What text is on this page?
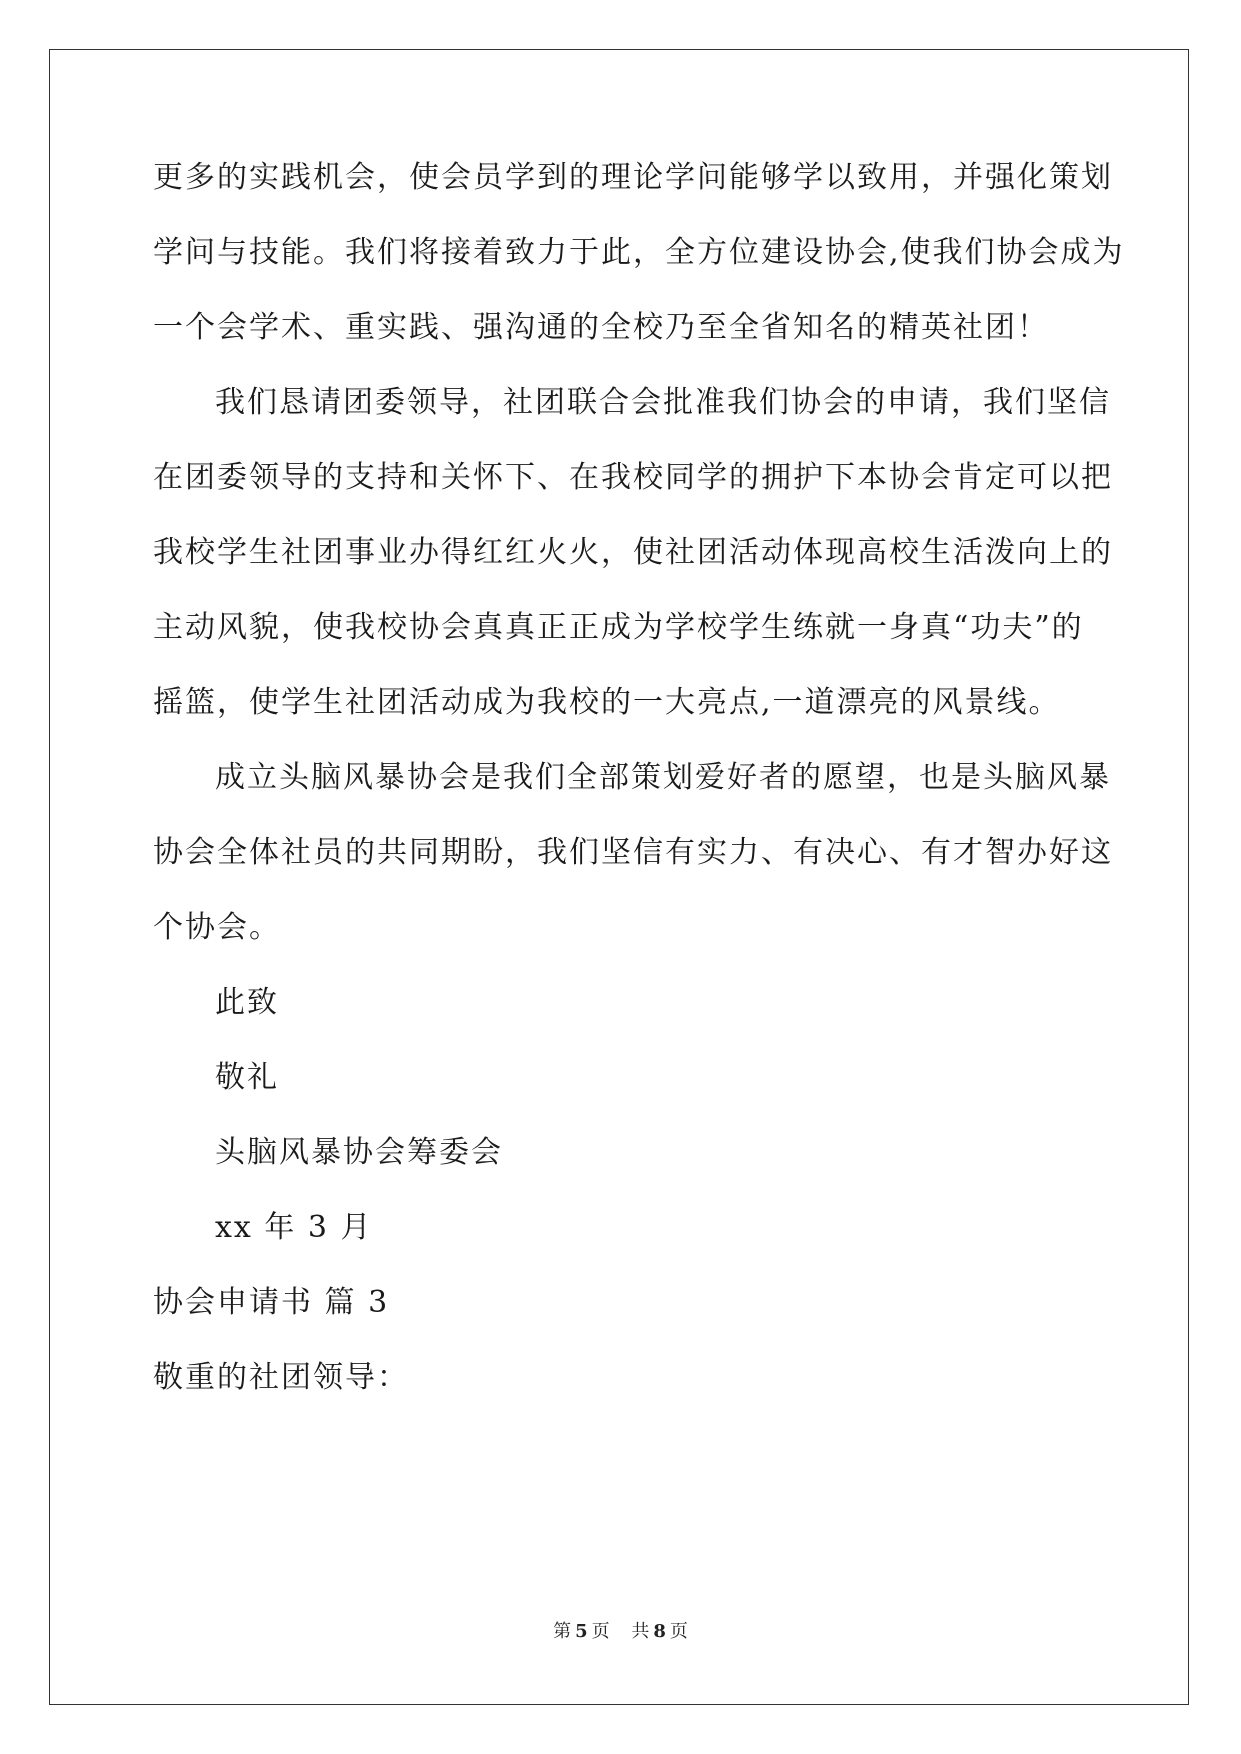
更多的实践机会，使会员学到的理论学问能够学以致用，并强化策划
学问与技能。我们将接着致力于此，全方位建设协会,使我们协会成为
一个会学术、重实践、强沟通的全校乃至全省知名的精英社团！
我们恳请团委领导，社团联合会批准我们协会的申请，我们坚信
在团委领导的支持和关怀下、在我校同学的拥护下本协会肯定可以把
我校学生社团事业办得红红火火，使社团活动体现高校生活泼向上的
主动风貌，使我校协会真真正正成为学校学生练就一身真“功夫”的
摇篮，使学生社团活动成为我校的一大亮点,一道漂亮的风景线。
成立头脑风暴协会是我们全部策划爱好者的愿望，也是头脑风暴
协会全体社员的共同期盼，我们坚信有实力、有决心、有才智办好这
个协会。
此致
敬礼
头脑风暴协会筹委会
xx 年 3 月
协会申请书 篇 3
敬重的社团领导：
第 5 页 共 8 页
